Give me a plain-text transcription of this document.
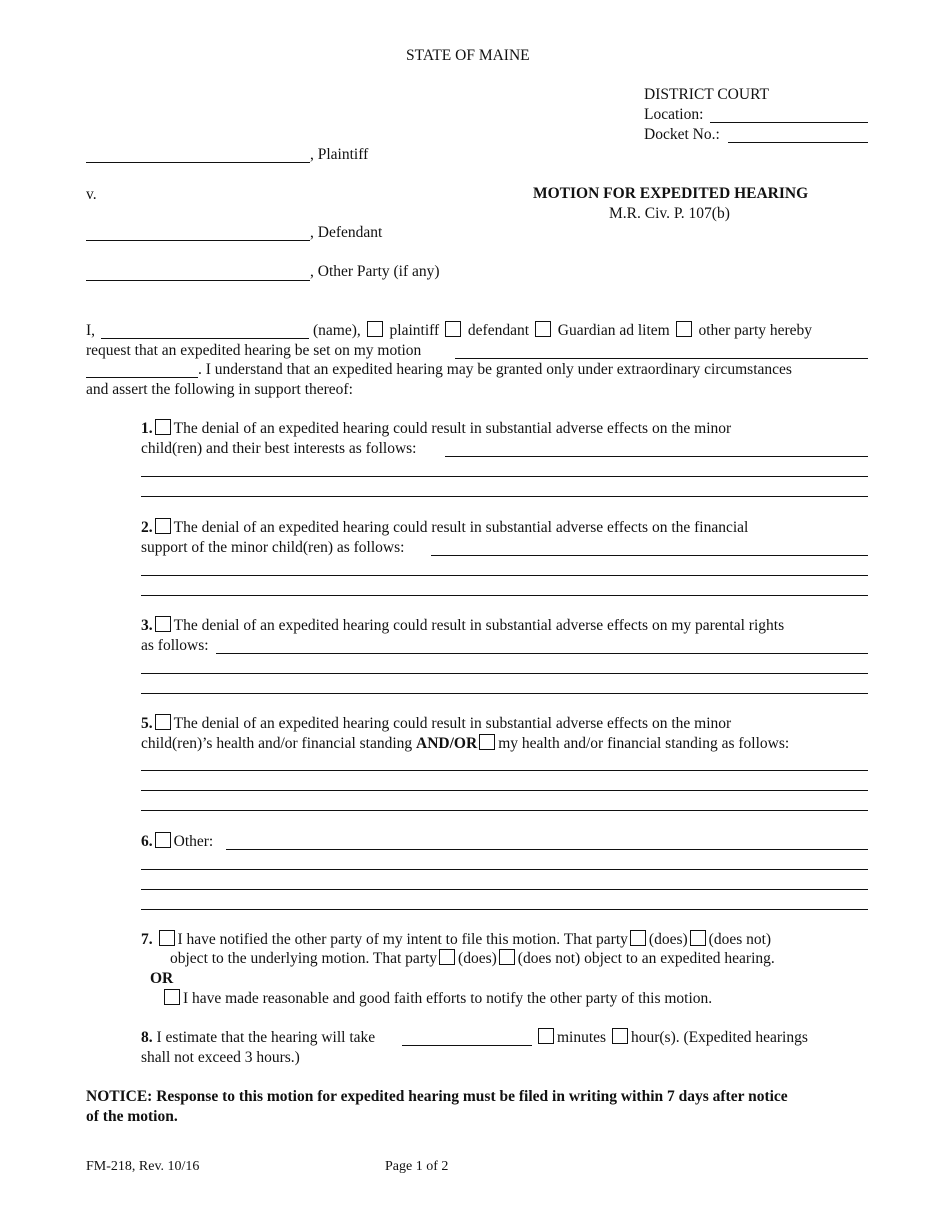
STATE OF MAINE
DISTRICT COURT
Location:
Docket No.:
, Plaintiff
v.	MOTION FOR EXPEDITED HEARING
M.R. Civ. P. 107(b)
, Defendant
, Other Party (if any)
I,	(name), plaintiff defendant Guardian ad litem other party hereby
request that an expedited hearing be set on my motion
. I understand that an expedited hearing may be granted only under extraordinary circumstances
and assert the following in support thereof:
1. The denial of an expedited hearing could result in substantial adverse effects on the minor
child(ren) and their best interests as follows:
2. The denial of an expedited hearing could result in substantial adverse effects on the financial
support of the minor child(ren) as follows:
3. The denial of an expedited hearing could result in substantial adverse effects on my parental rights
as follows:
5. The denial of an expedited hearing could result in substantial adverse effects on the minor
child(ren)’s health and/or financial standing AND/OR my health and/or financial standing as follows:
6. Other:
7. I have notified the other party of my intent to file this motion. That party (does) (does not)
object to the underlying motion. That party (does) (does not) object to an expedited hearing.
OR
I have made reasonable and good faith efforts to notify the other party of this motion.
8. I estimate that the hearing will take	minutes hour(s). (Expedited hearings
shall not exceed 3 hours.)
NOTICE: Response to this motion for expedited hearing must be filed in writing within 7 days after notice
of the motion.
FM-218, Rev. 10/16	Page 1 of 2
